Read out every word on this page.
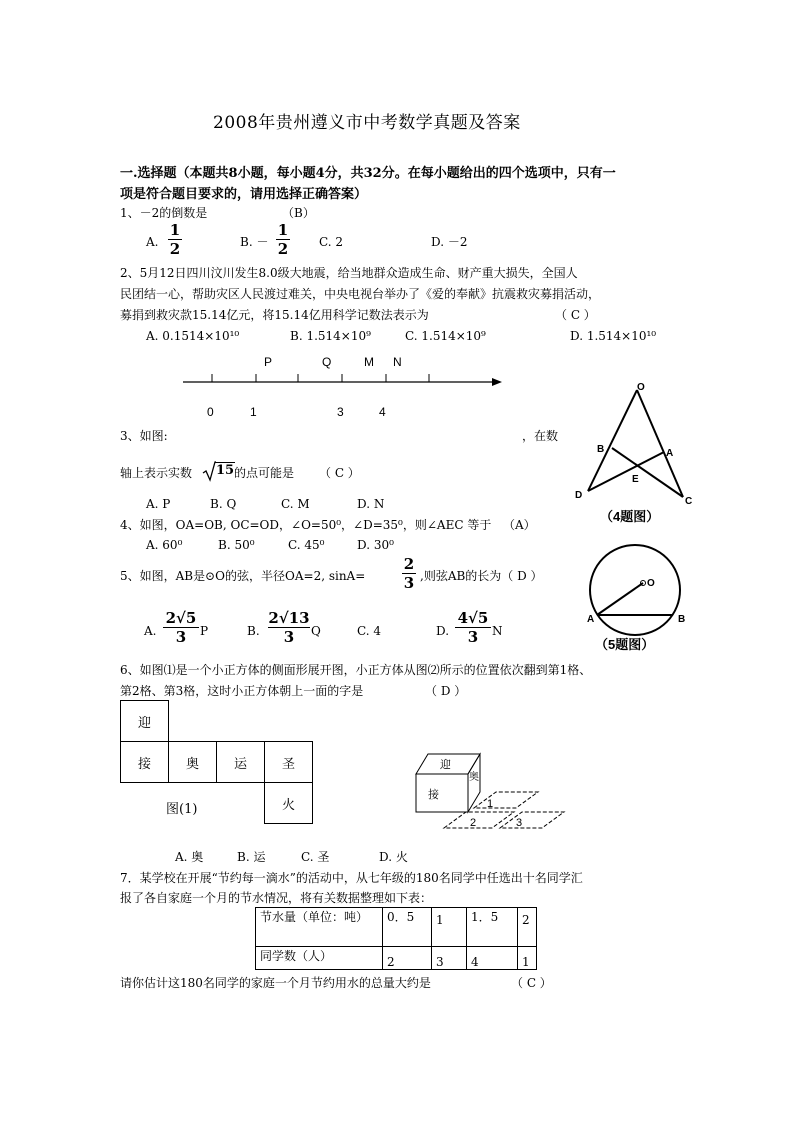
2008年贵州遵义市中考数学真题及答案
一.选择题（本题共8小题，每小题4分，共32分。在每小题给出的四个选项中，只有一
项是符合题目要求的，请用选择正确答案）
1、－2的倒数是	（B）
A.
1
2	B. －
1
2	C. 2	D. －2
2、5月12日四川汶川发生8.0级大地震，给当地群众造成生命、财产重大损失，全国人
民团结一心，帮助灾区人民渡过难关，中央电视台举办了《爱的奉献》抗震救灾募捐活动，
募捐到救灾款15.14亿元，将15.14亿用科学记数法表示为	（ C ）
A. 0.1514×10¹⁰	B. 1.514×10⁹	C. 1.514×10⁹	D. 1.514×10¹⁰
P	Q	M N
0	1	3	4
3、如图:	，在数
轴上表示实数 15 的点可能是 （ C ）
A. P	B. Q	C. M	D. N
O
B	A
E
D
C
（4题图）
4、如图，OA=OB, OC=OD，∠O=50⁰，∠D=35⁰，则∠AEC 等于 （A）
A. 60⁰	B. 50⁰	C. 45⁰	D. 30⁰
O
A	B
（5题图）
5、如图，AB是⊙O的弦，半径OA=2, sinA=
2
3 ,则弦AB的长为（ D ）
A.
2√5
3	P	B.
2√13
3	Q	C. 4	D.
4√5
3	N
6、如图⑴是一个小正方体的侧面形展开图，小正方体从图⑵所示的位置依次翻到第1格、
第2格、第3格，这时小正方体朝上一面的字是	（ D ）
迎
接	奥	运	圣
火
图(1)
迎
接
奥
1
2	3
A. 奥	B. 运	C. 圣	D. 火
7．某学校在开展“节约每一滴水”的活动中，从七年级的180名同学中任选出十名同学汇
报了各自家庭一个月的节水情况，将有关数据整理如下表：
节水量（单位：吨）	0．5	1	1．5	2
同学数（人）	2	3	4	1
请你估计这180名同学的家庭一个月节约用水的总量大约是	（ C ）
